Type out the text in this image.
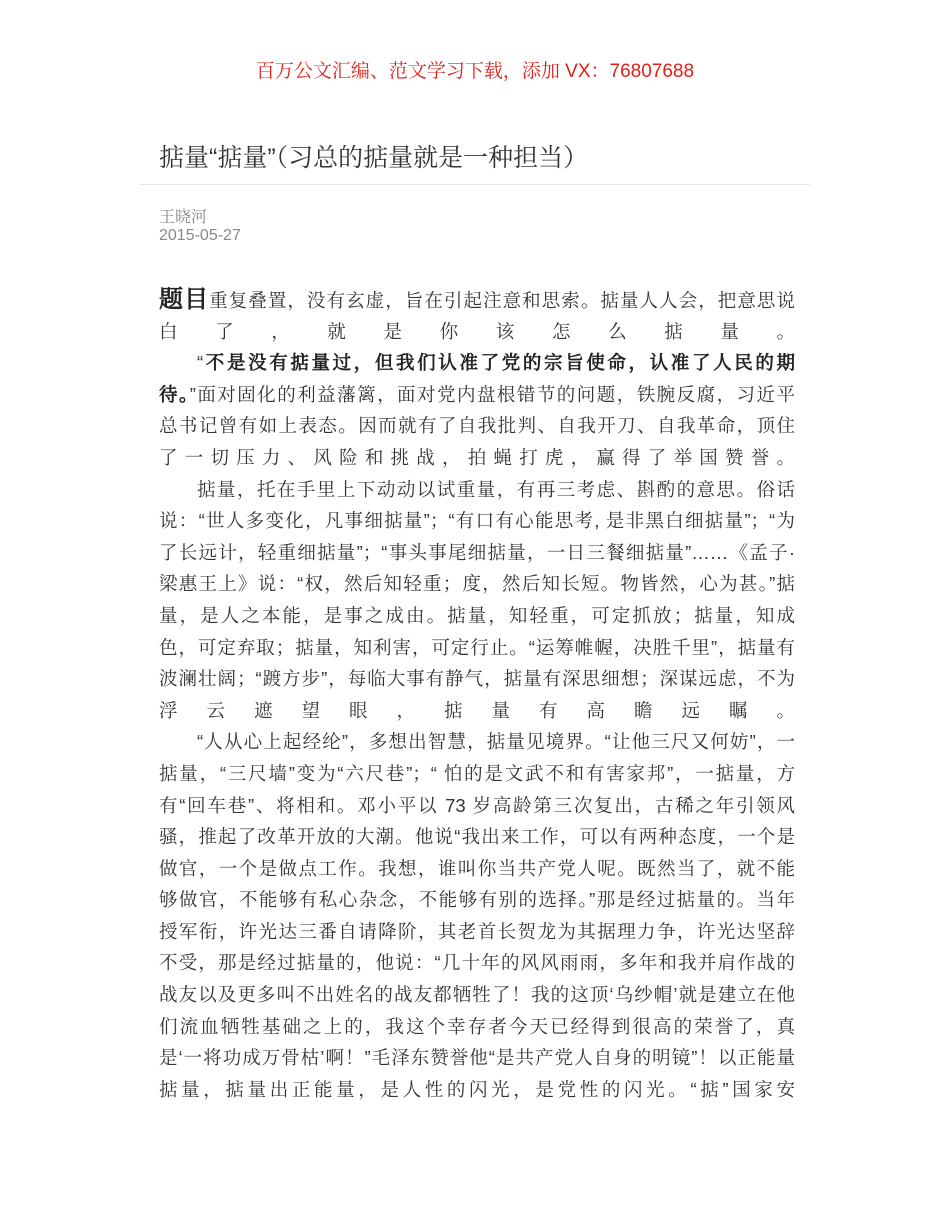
百万公文汇编、范文学习下载，添加 VX：76807688
掂量“掂量”（习总的掂量就是一种担当）
王晓河
2015-05-27
题目重复叠置，没有玄虚，旨在引起注意和思索。掂量人人会，把意思说
白了，就是你该怎么掂量。
“不是没有掂量过，但我们认准了党的宗旨使命，认准了人民的期
待。”面对固化的利益藩篱，面对党内盘根错节的问题，铁腕反腐，习近平
总书记曾有如上表态。因而就有了自我批判、自我开刀、自我革命，顶住
了一切压力、风险和挑战，拍蝇打虎，赢得了举国赞誉。
掂量，托在手里上下动动以试重量，有再三考虑、斟酌的意思。俗话
说：“世人多变化，凡事细掂量”；“有口有心能思考, 是非黑白细掂量”；“为
了长远计，轻重细掂量”；“事头事尾细掂量，一日三餐细掂量”……《孟子·
梁惠王上》说：“权，然后知轻重；度，然后知长短。物皆然，心为甚。”掂
量，是人之本能，是事之成由。掂量，知轻重，可定抓放；掂量，知成
色，可定弃取；掂量，知利害，可定行止。“运筹帷幄，决胜千里”，掂量有
波澜壮阔；“踱方步”，每临大事有静气，掂量有深思细想；深谋远虑，不为
浮云遮望眼，掂量有高瞻远瞩。
“人从心上起经纶”，多想出智慧，掂量见境界。“让他三尺又何妨”，一
掂量，“三尺墙”变为“六尺巷”；“ 怕的是文武不和有害家邦”，一掂量，方
有“回车巷”、将相和。邓小平以 73 岁高龄第三次复出，古稀之年引领风
骚，推起了改革开放的大潮。他说“我出来工作，可以有两种态度，一个是
做官，一个是做点工作。我想，谁叫你当共产党人呢。既然当了，就不能
够做官，不能够有私心杂念，不能够有别的选择。”那是经过掂量的。当年
授军衔，许光达三番自请降阶，其老首长贺龙为其据理力争，许光达坚辞
不受，那是经过掂量的，他说：“几十年的风风雨雨，多年和我并肩作战的
战友以及更多叫不出姓名的战友都牺牲了！我的这顶‘乌纱帽’就是建立在他
们流血牺牲基础之上的，我这个幸存者今天已经得到很高的荣誉了，真
是‘一将功成万骨枯’啊！”毛泽东赞誉他“是共产党人自身的明镜”！以正能量
掂量，掂量出正能量，是人性的闪光，是党性的闪光。“掂”国家安
